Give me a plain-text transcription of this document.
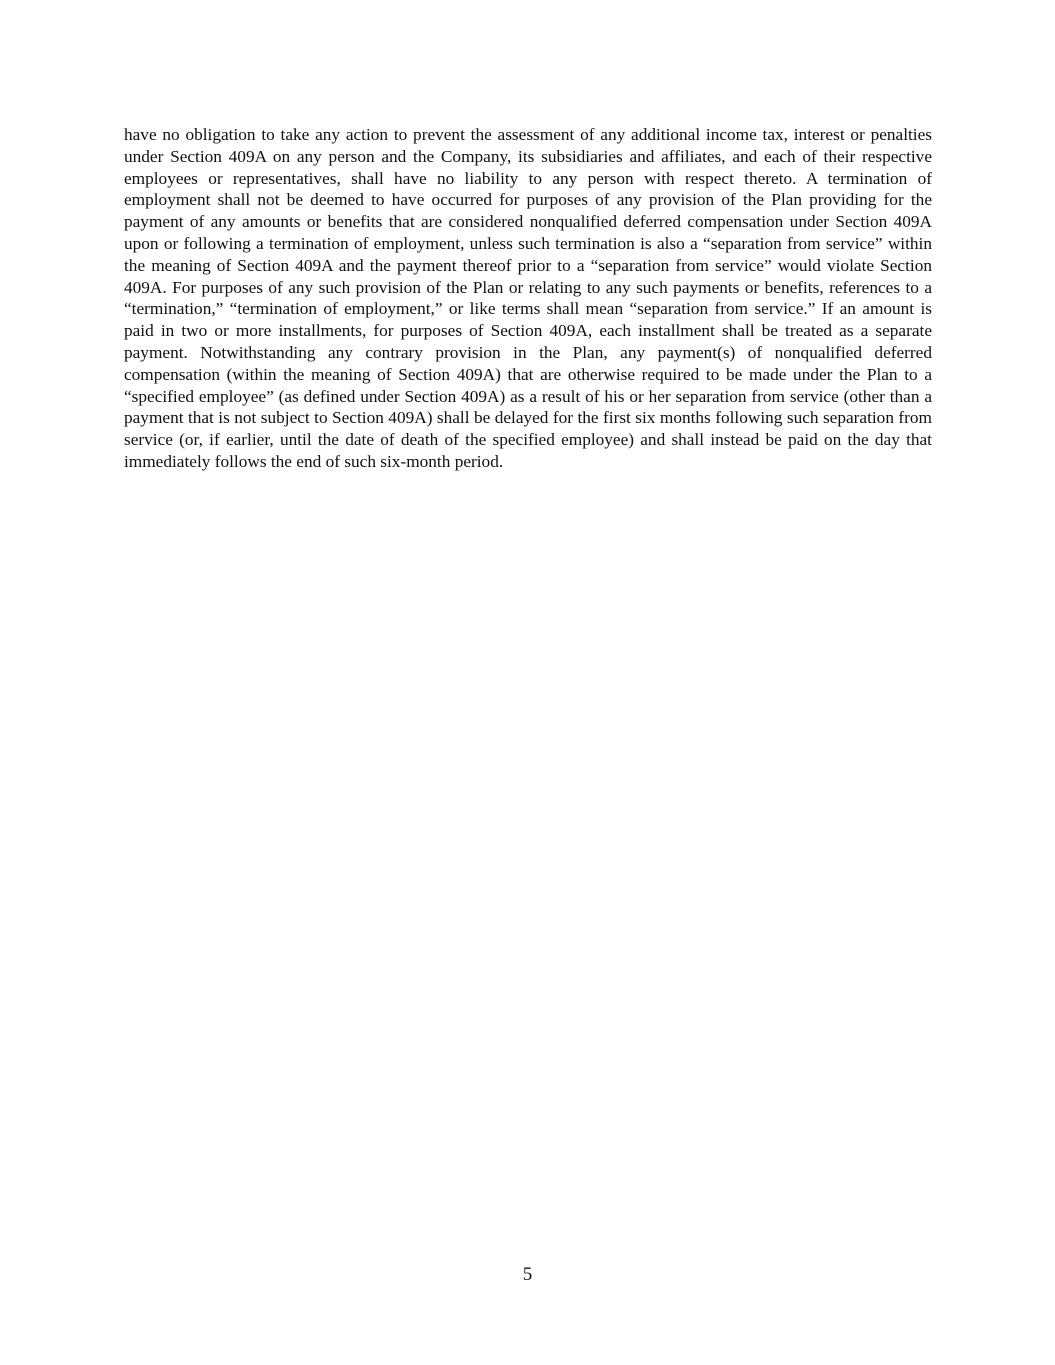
have no obligation to take any action to prevent the assessment of any additional income tax, interest or penalties under Section 409A on any person and the Company, its subsidiaries and affiliates, and each of their respective employees or representatives, shall have no liability to any person with respect thereto. A termination of employment shall not be deemed to have occurred for purposes of any provision of the Plan providing for the payment of any amounts or benefits that are considered nonqualified deferred compensation under Section 409A upon or following a termination of employment, unless such termination is also a “separation from service” within the meaning of Section 409A and the payment thereof prior to a “separation from service” would violate Section 409A. For purposes of any such provision of the Plan or relating to any such payments or benefits, references to a “termination,” “termination of employment,” or like terms shall mean “separation from service.” If an amount is paid in two or more installments, for purposes of Section 409A, each installment shall be treated as a separate payment. Notwithstanding any contrary provision in the Plan, any payment(s) of nonqualified deferred compensation (within the meaning of Section 409A) that are otherwise required to be made under the Plan to a “specified employee” (as defined under Section 409A) as a result of his or her separation from service (other than a payment that is not subject to Section 409A) shall be delayed for the first six months following such separation from service (or, if earlier, until the date of death of the specified employee) and shall instead be paid on the day that immediately follows the end of such six-month period.

5
